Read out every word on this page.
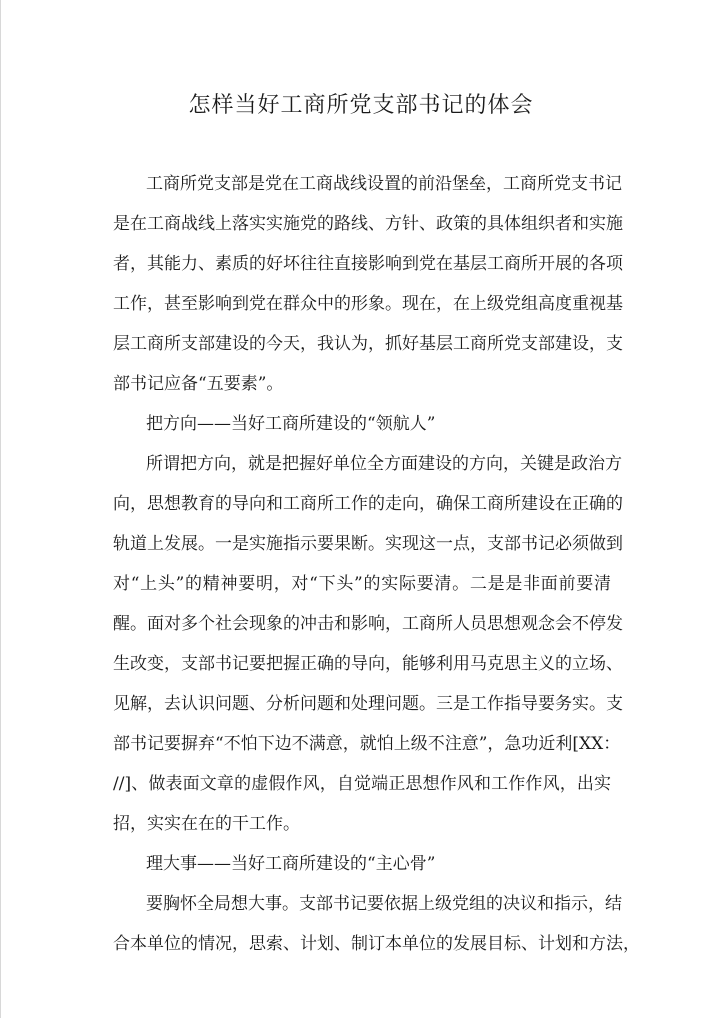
怎样当好工商所党支部书记的体会
工商所党支部是党在工商战线设置的前沿堡垒，工商所党支书记
是在工商战线上落实实施党的路线、方针、政策的具体组织者和实施
者，其能力、素质的好坏往往直接影响到党在基层工商所开展的各项
工作，甚至影响到党在群众中的形象。现在，在上级党组高度重视基
层工商所支部建设的今天，我认为，抓好基层工商所党支部建设，支
部书记应备“五要素”。
把方向——当好工商所建设的“领航人”
所谓把方向，就是把握好单位全方面建设的方向，关键是政治方
向，思想教育的导向和工商所工作的走向，确保工商所建设在正确的
轨道上发展。一是实施指示要果断。实现这一点，支部书记必须做到
对“上头”的精神要明，对“下头”的实际要清。二是是非面前要清
醒。面对多个社会现象的冲击和影响，工商所人员思想观念会不停发
生改变，支部书记要把握正确的导向，能够利用马克思主义的立场、
见解，去认识问题、分析问题和处理问题。三是工作指导要务实。支
部书记要摒弃“不怕下边不满意，就怕上级不注意”，急功近利[XX：
//]、做表面文章的虚假作风，自觉端正思想作风和工作作风，出实
招，实实在在的干工作。
理大事——当好工商所建设的“主心骨”
要胸怀全局想大事。支部书记要依据上级党组的决议和指示，结
合本单位的情况，思索、计划、制订本单位的发展目标、计划和方法，
